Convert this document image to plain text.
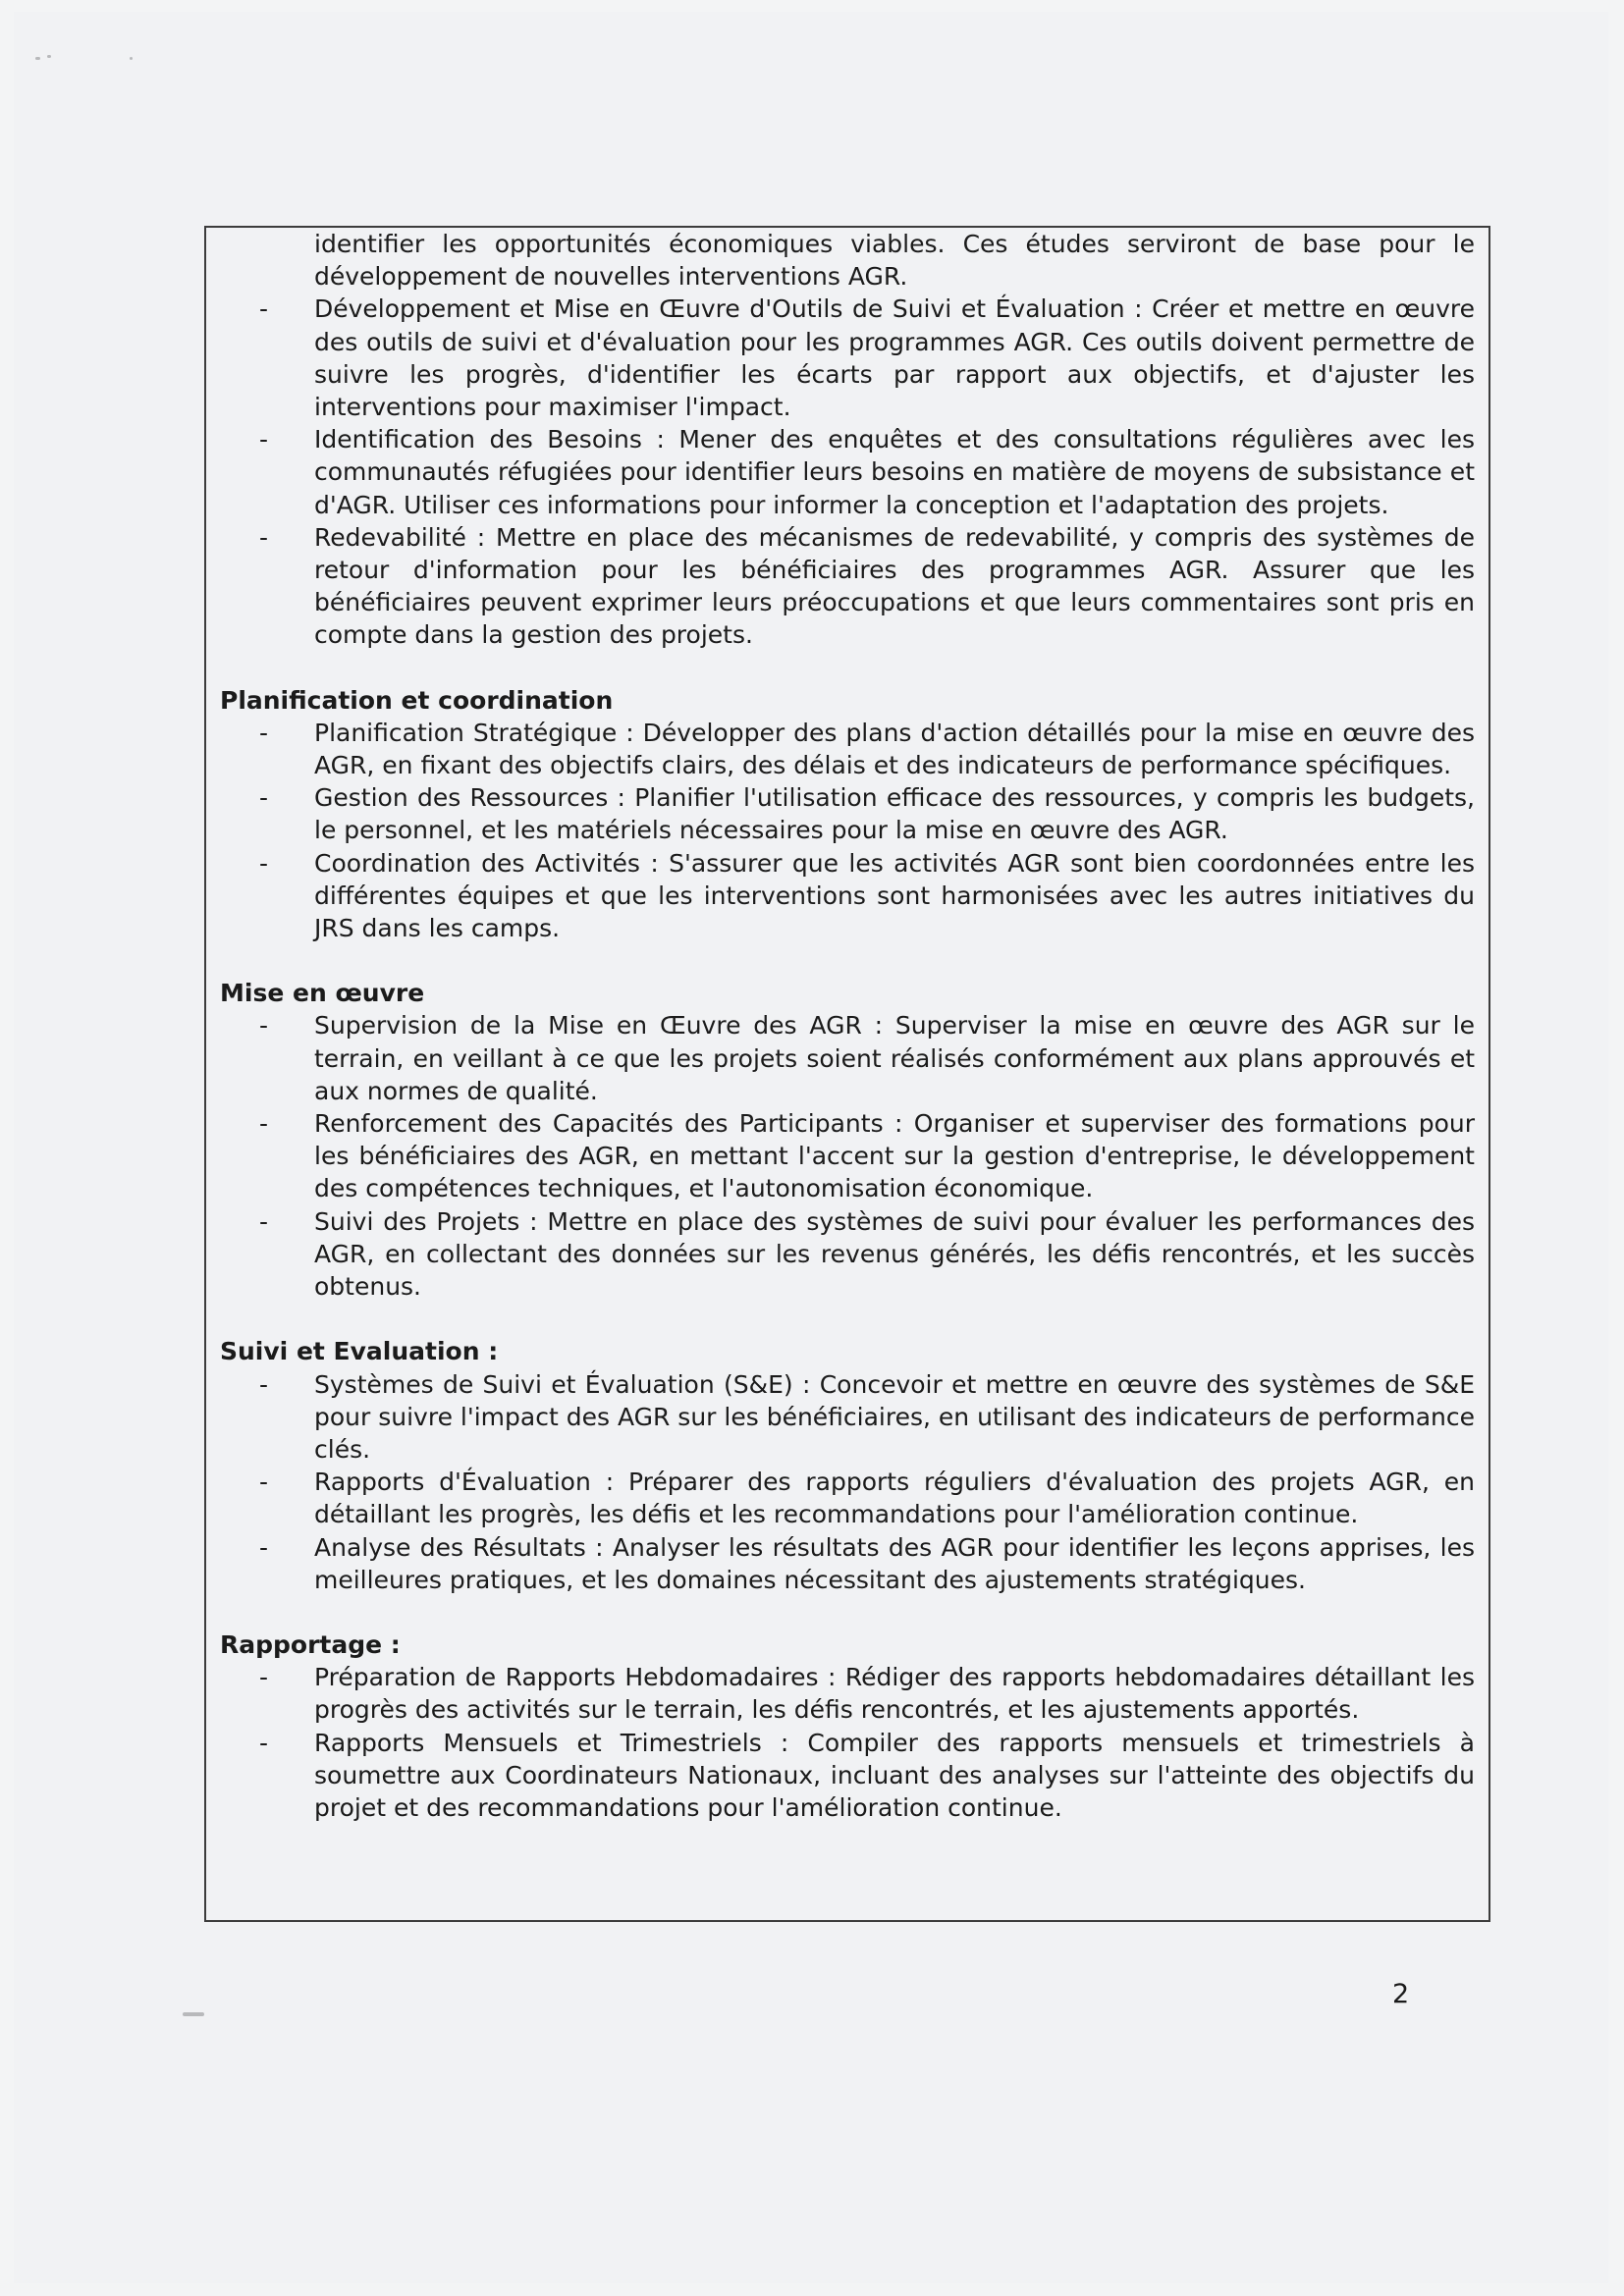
identifier les opportunités économiques viables. Ces études serviront de base pour le développement de nouvelles interventions AGR.
- Développement et Mise en Œuvre d'Outils de Suivi et Évaluation : Créer et mettre en œuvre des outils de suivi et d'évaluation pour les programmes AGR. Ces outils doivent permettre de suivre les progrès, d'identifier les écarts par rapport aux objectifs, et d'ajuster les interventions pour maximiser l'impact.
- Identification des Besoins : Mener des enquêtes et des consultations régulières avec les communautés réfugiées pour identifier leurs besoins en matière de moyens de subsistance et d'AGR. Utiliser ces informations pour informer la conception et l'adaptation des projets.
- Redevabilité : Mettre en place des mécanismes de redevabilité, y compris des systèmes de retour d'information pour les bénéficiaires des programmes AGR. Assurer que les bénéficiaires peuvent exprimer leurs préoccupations et que leurs commentaires sont pris en compte dans la gestion des projets.
Planification et coordination
- Planification Stratégique : Développer des plans d'action détaillés pour la mise en œuvre des AGR, en fixant des objectifs clairs, des délais et des indicateurs de performance spécifiques.
- Gestion des Ressources : Planifier l'utilisation efficace des ressources, y compris les budgets, le personnel, et les matériels nécessaires pour la mise en œuvre des AGR.
- Coordination des Activités : S'assurer que les activités AGR sont bien coordonnées entre les différentes équipes et que les interventions sont harmonisées avec les autres initiatives du JRS dans les camps.
Mise en œuvre
- Supervision de la Mise en Œuvre des AGR : Superviser la mise en œuvre des AGR sur le terrain, en veillant à ce que les projets soient réalisés conformément aux plans approuvés et aux normes de qualité.
- Renforcement des Capacités des Participants : Organiser et superviser des formations pour les bénéficiaires des AGR, en mettant l'accent sur la gestion d'entreprise, le développement des compétences techniques, et l'autonomisation économique.
- Suivi des Projets : Mettre en place des systèmes de suivi pour évaluer les performances des AGR, en collectant des données sur les revenus générés, les défis rencontrés, et les succès obtenus.
Suivi et Evaluation :
- Systèmes de Suivi et Évaluation (S&E) : Concevoir et mettre en œuvre des systèmes de S&E pour suivre l'impact des AGR sur les bénéficiaires, en utilisant des indicateurs de performance clés.
- Rapports d'Évaluation : Préparer des rapports réguliers d'évaluation des projets AGR, en détaillant les progrès, les défis et les recommandations pour l'amélioration continue.
- Analyse des Résultats : Analyser les résultats des AGR pour identifier les leçons apprises, les meilleures pratiques, et les domaines nécessitant des ajustements stratégiques.
Rapportage :
- Préparation de Rapports Hebdomadaires : Rédiger des rapports hebdomadaires détaillant les progrès des activités sur le terrain, les défis rencontrés, et les ajustements apportés.
- Rapports Mensuels et Trimestriels : Compiler des rapports mensuels et trimestriels à soumettre aux Coordinateurs Nationaux, incluant des analyses sur l'atteinte des objectifs du projet et des recommandations pour l'amélioration continue.
2
